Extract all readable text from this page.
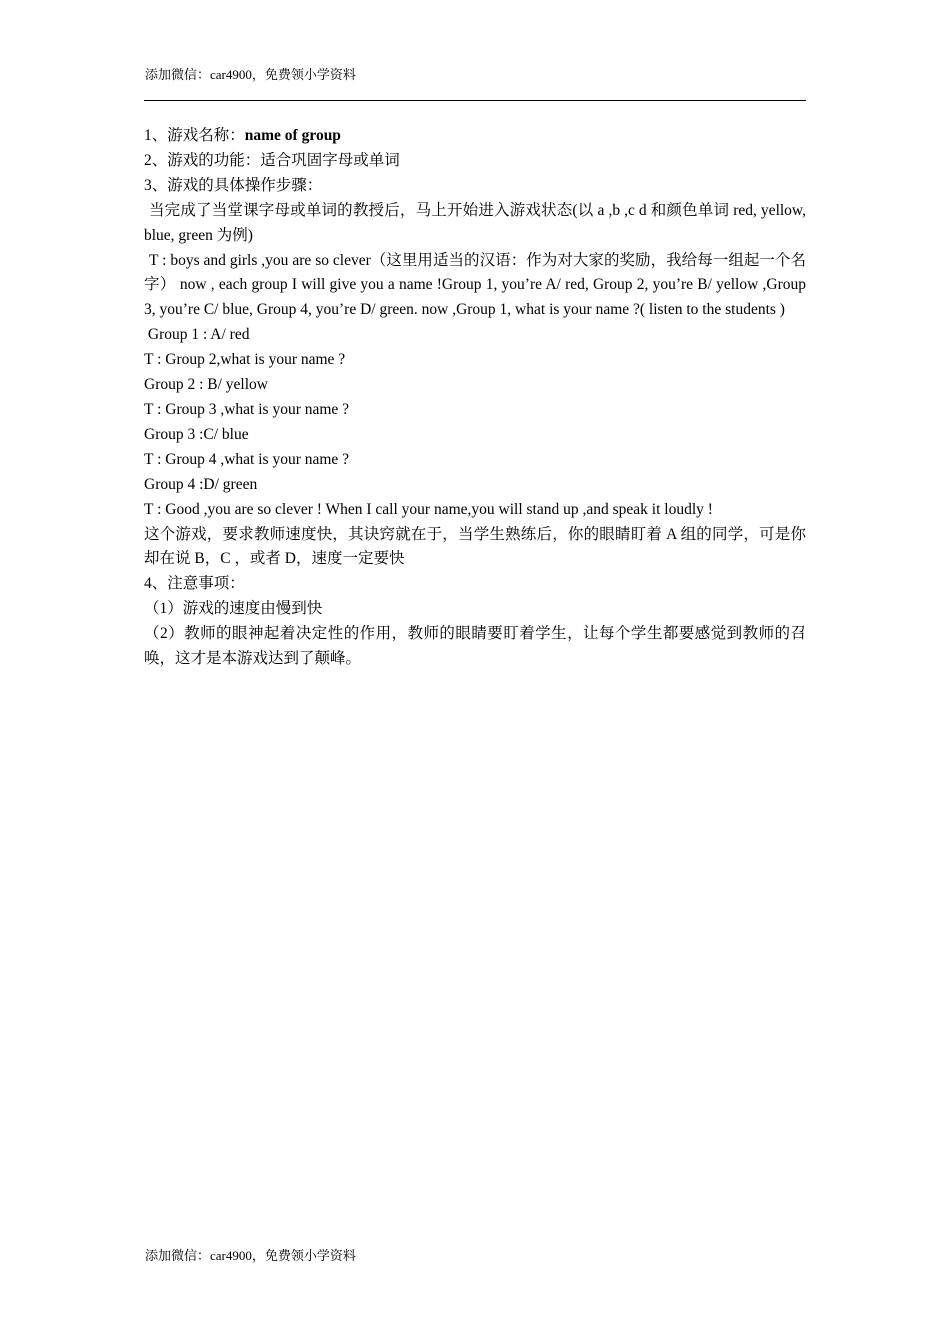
添加微信：car4900，免费领小学资料
1、游戏名称：name of group
2、游戏的功能：适合巩固字母或单词
3、游戏的具体操作步骤：
当完成了当堂课字母或单词的教授后，马上开始进入游戏状态(以 a ,b ,c d 和颜色单词 red, yellow, blue, green 为例)
T : boys and girls ,you are so clever（这里用适当的汉语：作为对大家的奖励，我给每一组起一个名字） now , each group I will give you a name !Group 1, you’re A/ red, Group 2, you’re B/ yellow ,Group 3, you’re C/ blue, Group 4, you’re D/ green. now ,Group 1, what is your name ?( listen to the students )
Group 1 : A/ red
T : Group 2,what is your name ?
Group 2 : B/ yellow
T : Group 3 ,what is your name ?
Group 3 :C/ blue
T : Group 4 ,what is your name ?
Group 4 :D/ green
T : Good ,you are so clever ! When I call your name,you will stand up ,and speak it loudly !
这个游戏，要求教师速度快，其诀窍就在于，当学生熟练后，你的眼睛盯着 A 组的同学，可是你却在说 B，C ，或者 D，速度一定要快
4、注意事项：
（1）游戏的速度由慢到快
（2）教师的眼神起着决定性的作用，教师的眼睛要盯着学生，让每个学生都要感觉到教师的召唤，这才是本游戏达到了颠峰。
添加微信：car4900，免费领小学资料
